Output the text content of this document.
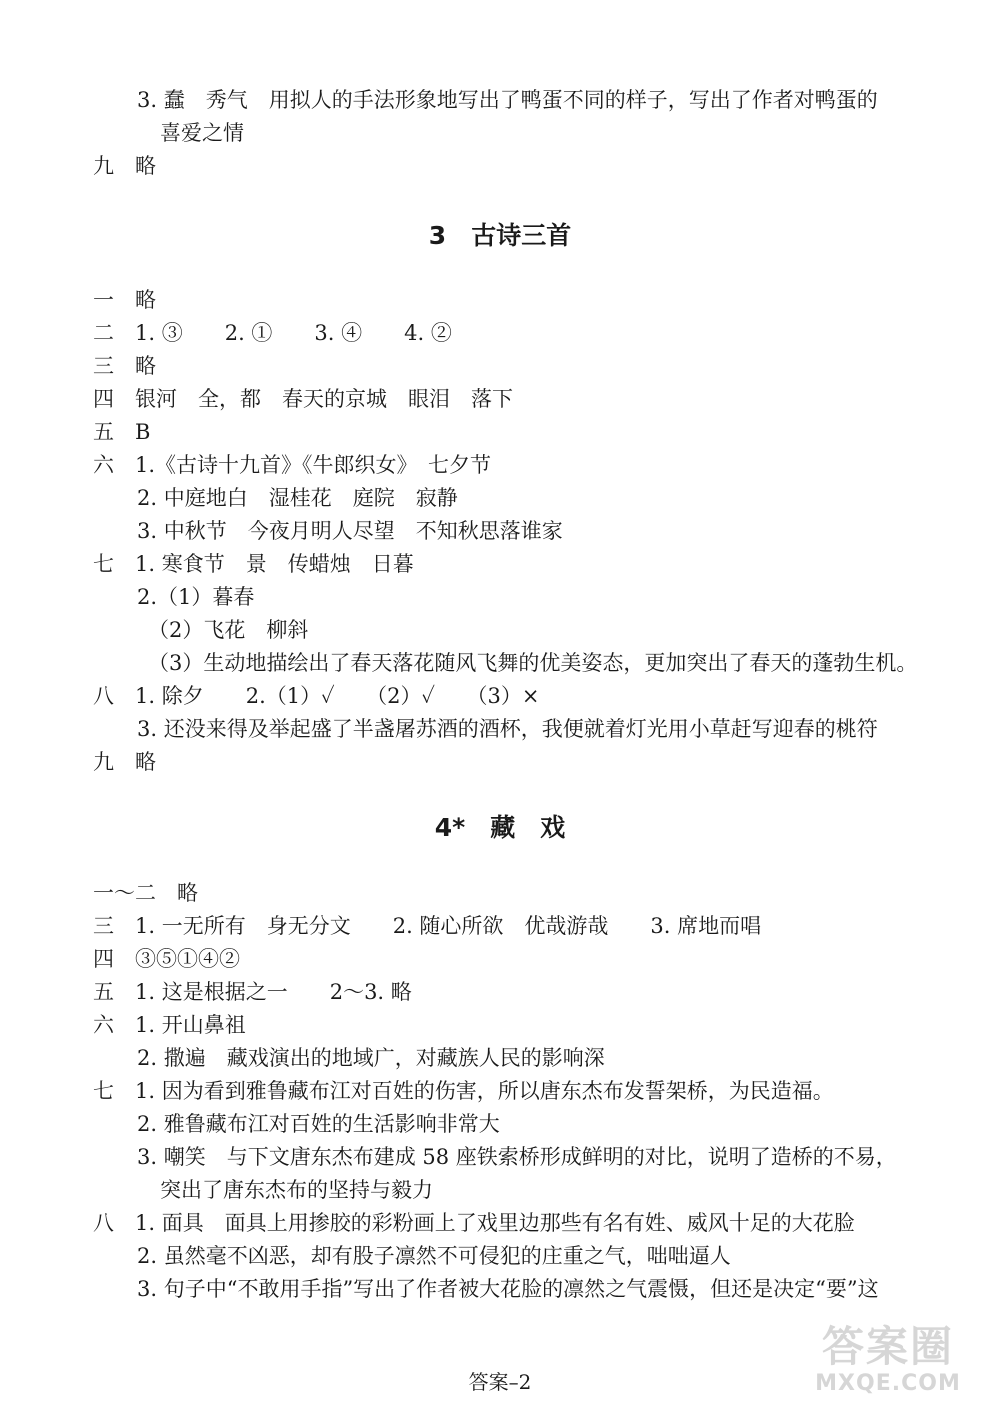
3. 蠢　秀气　用拟人的手法形象地写出了鸭蛋不同的样子，写出了作者对鸭蛋的
喜爱之情
九　略
3　古诗三首
一　略
二　1. ③　　2. ①　　3. ④　　4. ②
三　略
四　银河　全，都　春天的京城　眼泪　落下
五　B
六　1.《古诗十九首》《牛郎织女》　七夕节
2. 中庭地白　湿桂花　庭院　寂静
3. 中秋节　今夜月明人尽望　不知秋思落谁家
七　1. 寒食节　景　传蜡烛　日暮
2.（1）暮春
（2）飞花　柳斜
（3）生动地描绘出了春天落花随风飞舞的优美姿态，更加突出了春天的蓬勃生机。
八　1. 除夕　　2.（1）✓　　（2）✓　　（3）×
3. 还没来得及举起盛了半盏屠苏酒的酒杯，我便就着灯光用小草赶写迎春的桃符
九　略
4*　藏　戏
一～二　略
三　1. 一无所有　身无分文　　2. 随心所欲　优哉游哉　　3. 席地而唱
四　③⑤①④②
五　1. 这是根据之一　　2～3. 略
六　1. 开山鼻祖
2. 撒遍　藏戏演出的地域广，对藏族人民的影响深
七　1. 因为看到雅鲁藏布江对百姓的伤害，所以唐东杰布发誓架桥，为民造福。
2. 雅鲁藏布江对百姓的生活影响非常大
3. 嘲笑　与下文唐东杰布建成 58 座铁索桥形成鲜明的对比，说明了造桥的不易，
突出了唐东杰布的坚持与毅力
八　1. 面具　面具上用掺胶的彩粉画上了戏里边那些有名有姓、威风十足的大花脸
2. 虽然毫不凶恶，却有股子凛然不可侵犯的庄重之气，咄咄逼人
3. 句子中“不敢用手指”写出了作者被大花脸的凛然之气震慑，但还是决定“要”这
答案–2
答案圈
MXQE.COM
